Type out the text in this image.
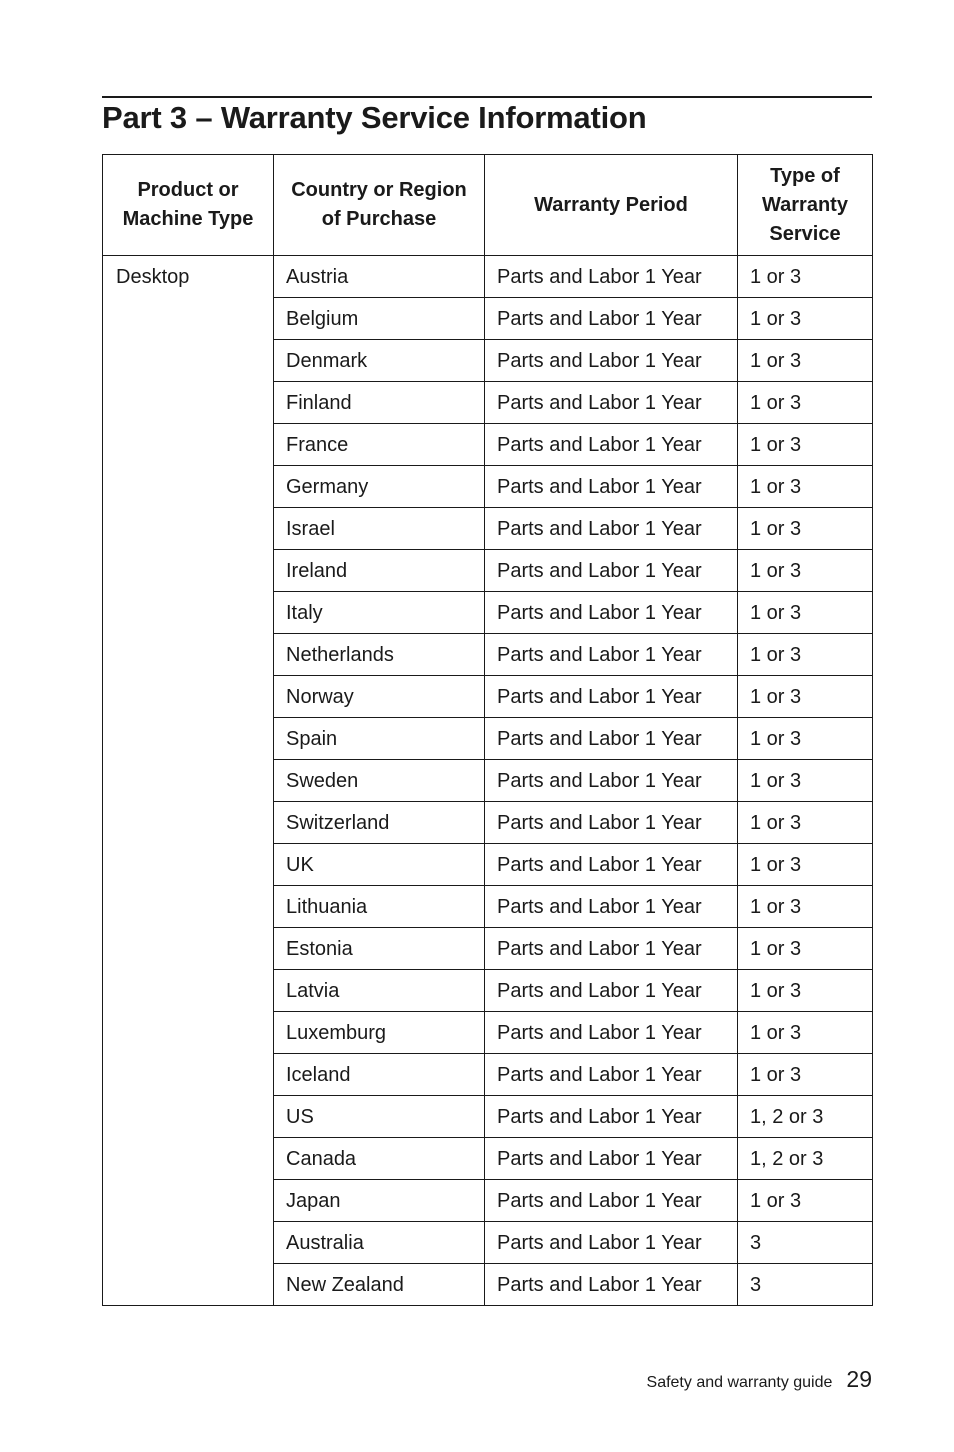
Part 3 – Warranty Service Information
Product or Machine Type	Country or Region of Purchase	Warranty Period	Type of Warranty Service
Desktop	Austria	Parts and Labor 1 Year	1 or 3
	Belgium	Parts and Labor 1 Year	1 or 3
	Denmark	Parts and Labor 1 Year	1 or 3
	Finland	Parts and Labor 1 Year	1 or 3
	France	Parts and Labor 1 Year	1 or 3
	Germany	Parts and Labor 1 Year	1 or 3
	Israel	Parts and Labor 1 Year	1 or 3
	Ireland	Parts and Labor 1 Year	1 or 3
	Italy	Parts and Labor 1 Year	1 or 3
	Netherlands	Parts and Labor 1 Year	1 or 3
	Norway	Parts and Labor 1 Year	1 or 3
	Spain	Parts and Labor 1 Year	1 or 3
	Sweden	Parts and Labor 1 Year	1 or 3
	Switzerland	Parts and Labor 1 Year	1 or 3
	UK	Parts and Labor 1 Year	1 or 3
	Lithuania	Parts and Labor 1 Year	1 or 3
	Estonia	Parts and Labor 1 Year	1 or 3
	Latvia	Parts and Labor 1 Year	1 or 3
	Luxemburg	Parts and Labor 1 Year	1 or 3
	Iceland	Parts and Labor 1 Year	1 or 3
	US	Parts and Labor 1 Year	1, 2 or 3
	Canada	Parts and Labor 1 Year	1, 2 or 3
	Japan	Parts and Labor 1 Year	1 or 3
	Australia	Parts and Labor 1 Year	3
	New Zealand	Parts and Labor 1 Year	3
Safety and warranty guide 29
